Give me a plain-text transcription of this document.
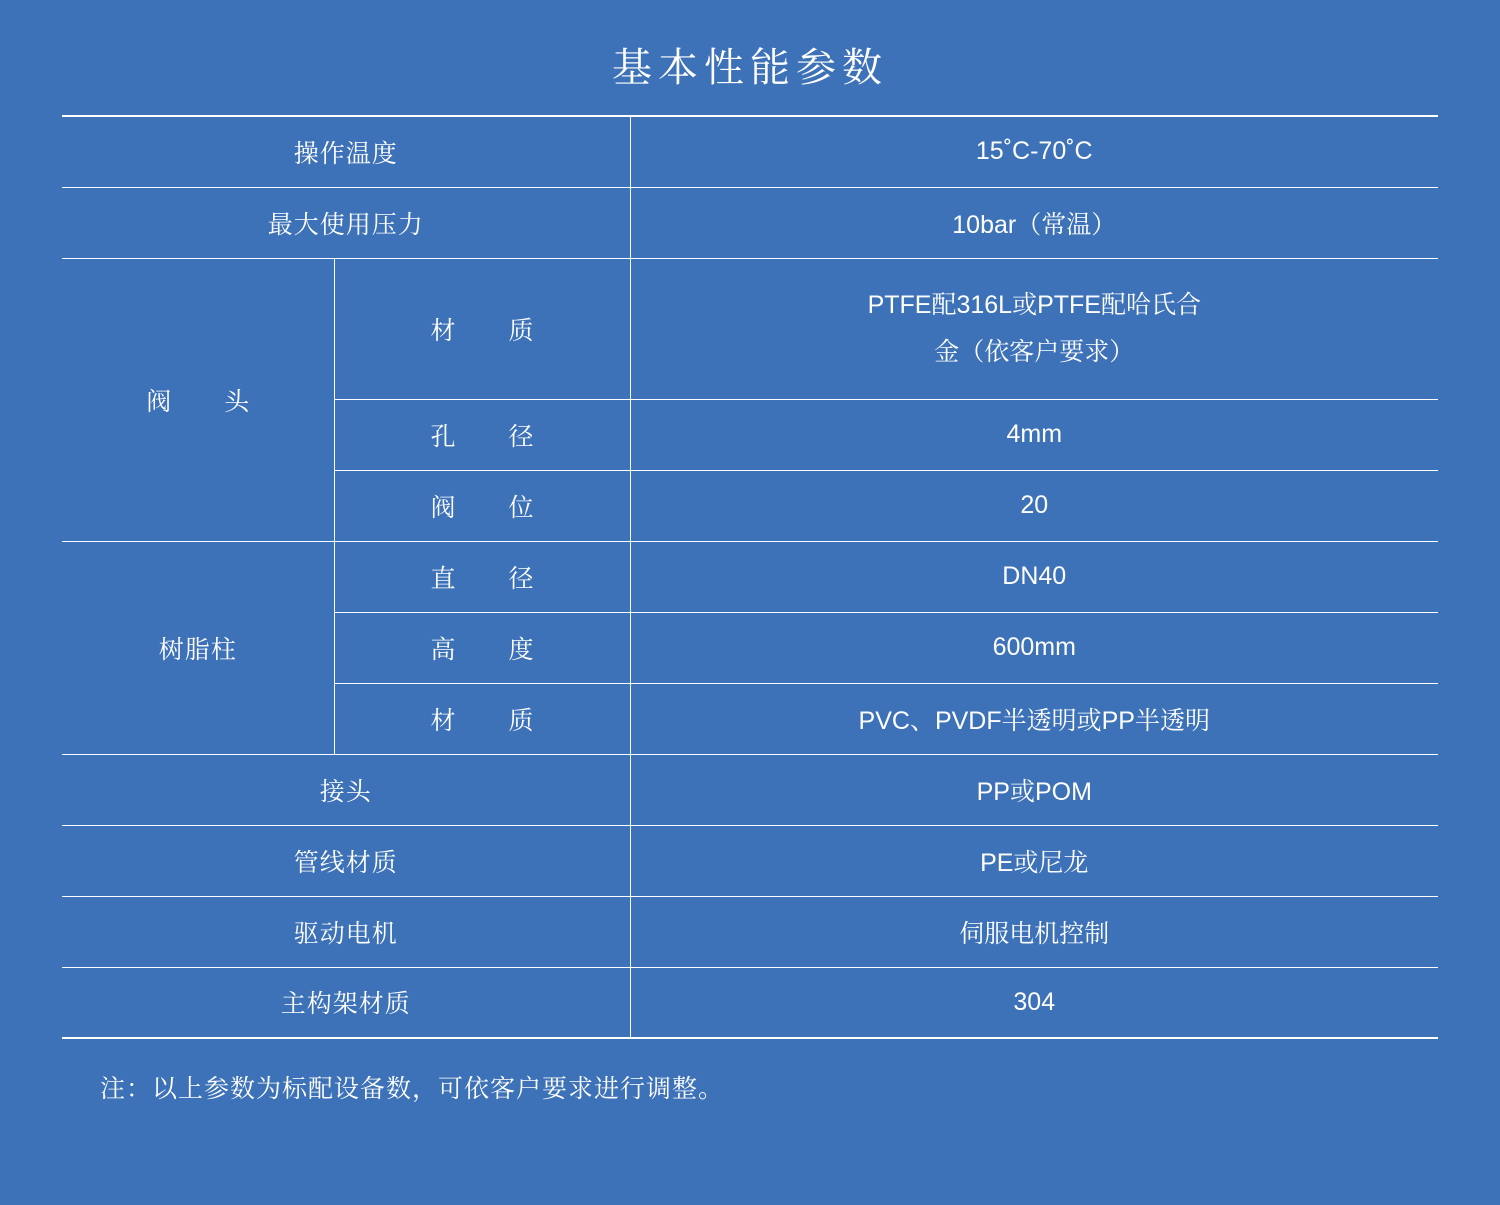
基本性能参数
操作温度		15˚C-70˚C
最大使用压力		10bar（常温）
阀　头	材　质	PTFE配316L或PTFE配哈氏合
金（依客户要求）

	孔　径	4mm
	阀　位	20
树脂柱	直　径	DN40
	高　度	600mm
	材　质	PVC、PVDF半透明或PP半透明
接头		PP或POM
管线材质		PE或尼龙
驱动电机		伺服电机控制
主构架材质		304
注：以上参数为标配设备数，可依客户要求进行调整。
